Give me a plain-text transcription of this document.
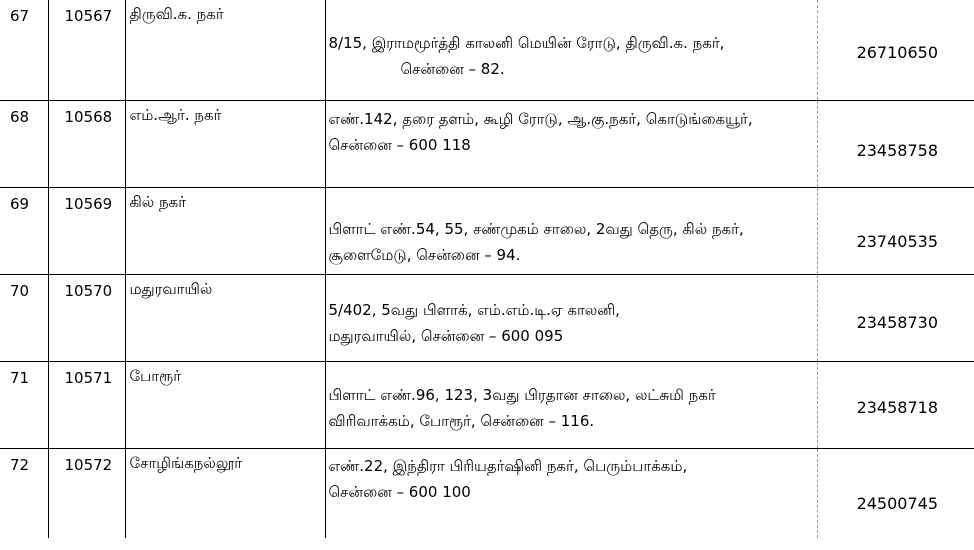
67	10567	திருவி.க. நகர்	8/15, இராமமூர்த்தி காலனி மெயின் ரோடு, திருவி.க. நகர்,
சென்னை – 82.	26710650

68	10568	எம்.ஆர். நகர்	எண்.142, தரை தளம், கூழி ரோடு, ஆ.கு.நகர், கொடுங்கையூர்,
சென்னை – 600 118	23458758

69	10569	கில் நகர்	பிளாட் எண்.54, 55, சண்முகம் சாலை, 2வது தெரு, கில் நகர்,
சூளைமேடு, சென்னை – 94.	23740535

70	10570	மதுரவாயில்	5/402, 5வது பிளாக், எம்.எம்.டி.ஏ காலனி,
மதுரவாயில், சென்னை – 600 095	23458730

71	10571	போரூர்	பிளாட் எண்.96, 123, 3வது பிரதான சாலை, லட்சுமி நகர்
விரிவாக்கம், போரூர், சென்னை – 116.	23458718

72	10572	சோழிங்கநல்லூர்	எண்.22, இந்திரா பிரியதர்ஷினி நகர், பெரும்பாக்கம்,
சென்னை – 600 100	24500745
